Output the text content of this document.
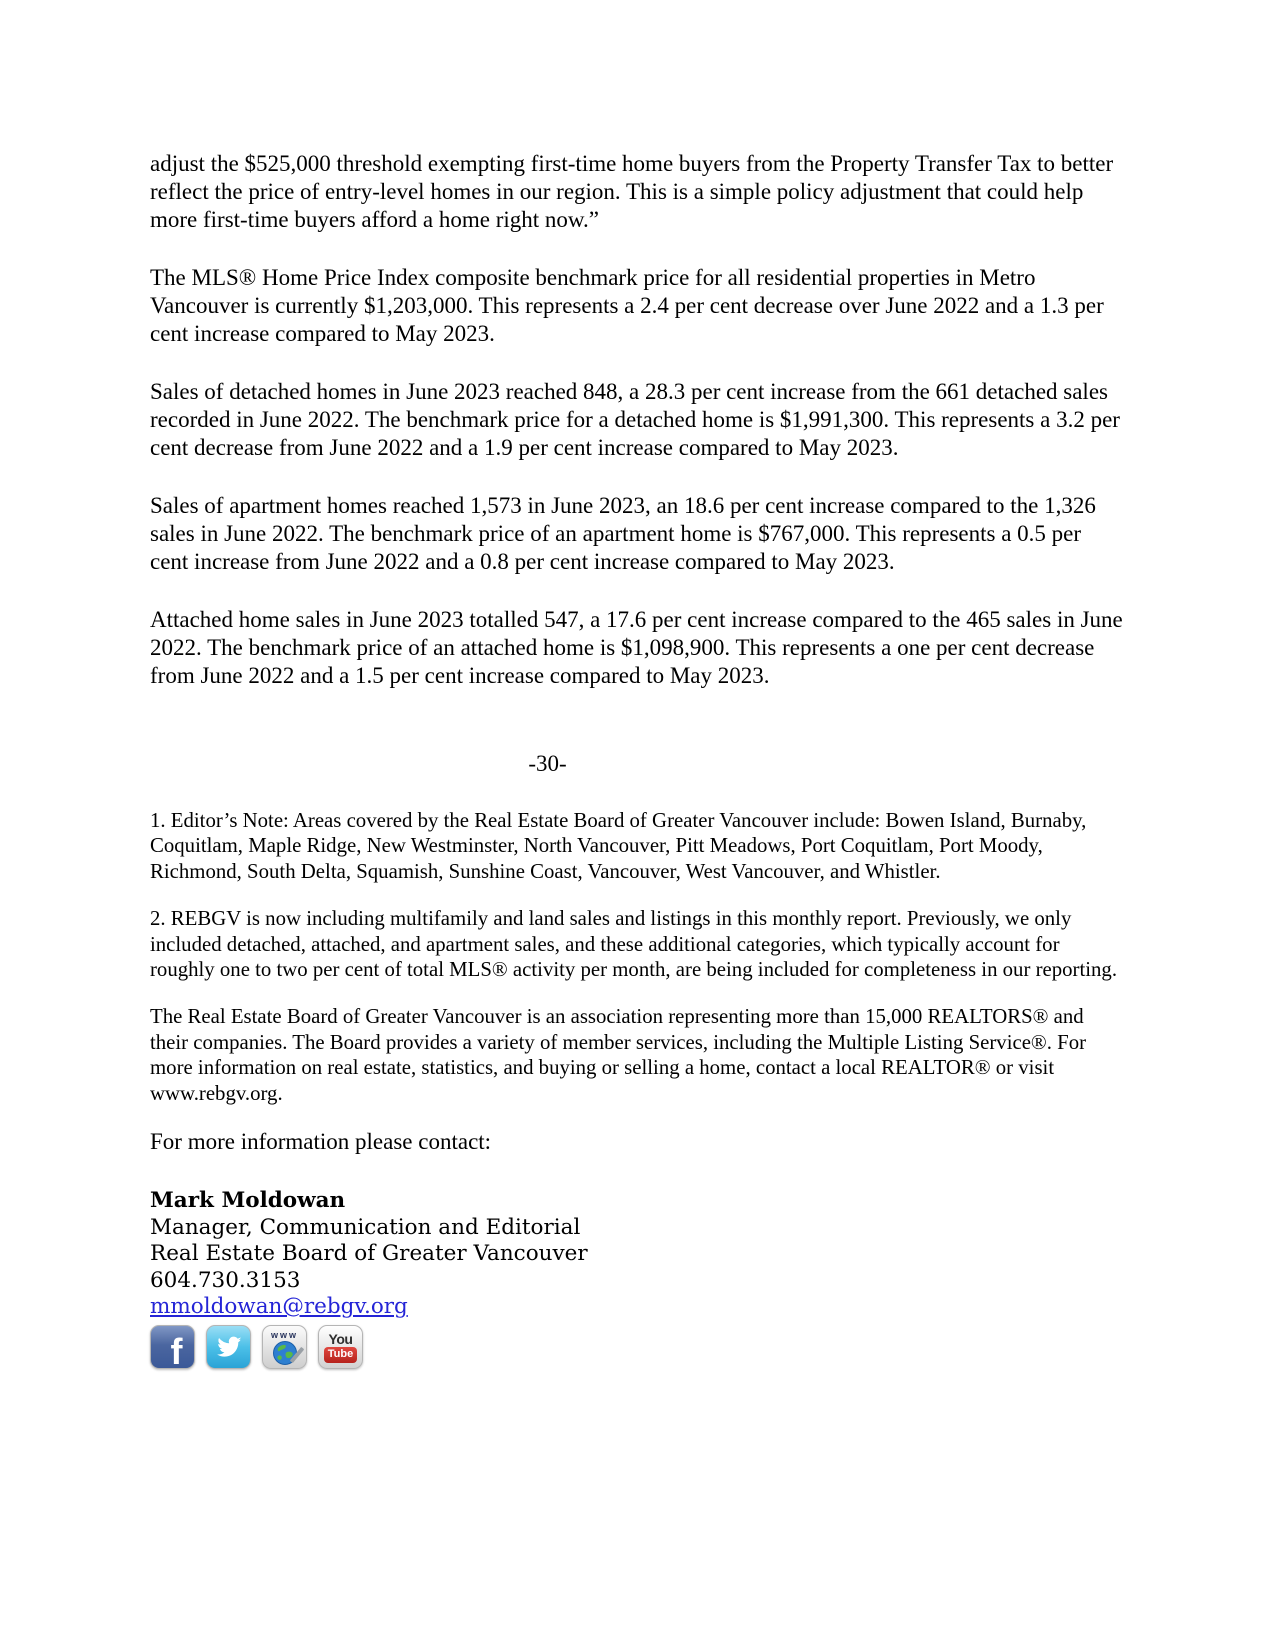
adjust the $525,000 threshold exempting first-time home buyers from the Property Transfer Tax to better reflect the price of entry-level homes in our region. This is a simple policy adjustment that could help more first-time buyers afford a home right now.”

The MLS® Home Price Index composite benchmark price for all residential properties in Metro Vancouver is currently $1,203,000. This represents a 2.4 per cent decrease over June 2022 and a 1.3 per cent increase compared to May 2023.

Sales of detached homes in June 2023 reached 848, a 28.3 per cent increase from the 661 detached sales recorded in June 2022. The benchmark price for a detached home is $1,991,300. This represents a 3.2 per cent decrease from June 2022 and a 1.9 per cent increase compared to May 2023.

Sales of apartment homes reached 1,573 in June 2023, an 18.6 per cent increase compared to the 1,326 sales in June 2022. The benchmark price of an apartment home is $767,000. This represents a 0.5 per cent increase from June 2022 and a 0.8 per cent increase compared to May 2023.

Attached home sales in June 2023 totalled 547, a 17.6 per cent increase compared to the 465 sales in June 2022. The benchmark price of an attached home is $1,098,900. This represents a one per cent decrease from June 2022 and a 1.5 per cent increase compared to May 2023.

-30-

1. Editor’s Note: Areas covered by the Real Estate Board of Greater Vancouver include: Bowen Island, Burnaby, Coquitlam, Maple Ridge, New Westminster, North Vancouver, Pitt Meadows, Port Coquitlam, Port Moody, Richmond, South Delta, Squamish, Sunshine Coast, Vancouver, West Vancouver, and Whistler.

2. REBGV is now including multifamily and land sales and listings in this monthly report. Previously, we only included detached, attached, and apartment sales, and these additional categories, which typically account for roughly one to two per cent of total MLS® activity per month, are being included for completeness in our reporting.

The Real Estate Board of Greater Vancouver is an association representing more than 15,000 REALTORS® and their companies. The Board provides a variety of member services, including the Multiple Listing Service®. For more information on real estate, statistics, and buying or selling a home, contact a local REALTOR® or visit www.rebgv.org.

For more information please contact:

Mark Moldowan
Manager, Communication and Editorial
Real Estate Board of Greater Vancouver
604.730.3153
mmoldowan@rebgv.org
f	www You
Tube
